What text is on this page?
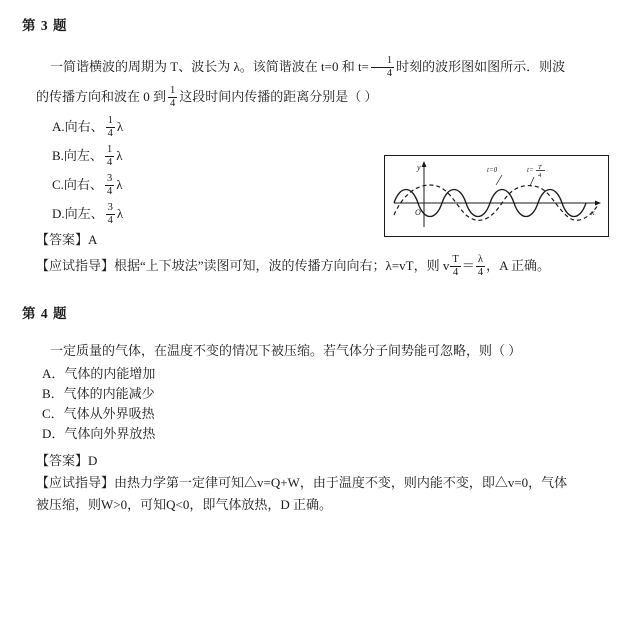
第 3 题
一简谐横波的周期为 T、波长为 λ。该简谐波在 t=0 和 $t= \frac{1}{4}$ 时刻的波形图如图所示．则波
的传播方向和波在 0 到 $\frac{1}{4}$ 这段时间内传播的距离分别是（ ）
A.向右、 $\frac{1}{4}$ λ
B.向左、 $\frac{1}{4}$ λ
C.向右、 $\frac{3}{4}$ λ
D.向左、 $\frac{3}{4}$ λ
【答案】A
【应试指导】根据“上下坡法”读图可知，波的传播方向向右；λ=vT，则 v $\frac{T}{4} = \frac{\lambda}{4}$ ，A 正确。
y
x
O
t=0	t= T
4
第 4 题
一定质量的气体，在温度不变的情况下被压缩。若气体分子间势能可忽略，则（ ）
A．气体的内能增加
B．气体的内能减少
C．气体从外界吸热
D．气体向外界放热
【答案】D
【应试指导】由热力学第一定律可知△v=Q+W，由于温度不变，则内能不变，即△v=0，气体
被压缩，则W>0，可知Q<0，即气体放热，D 正确。
